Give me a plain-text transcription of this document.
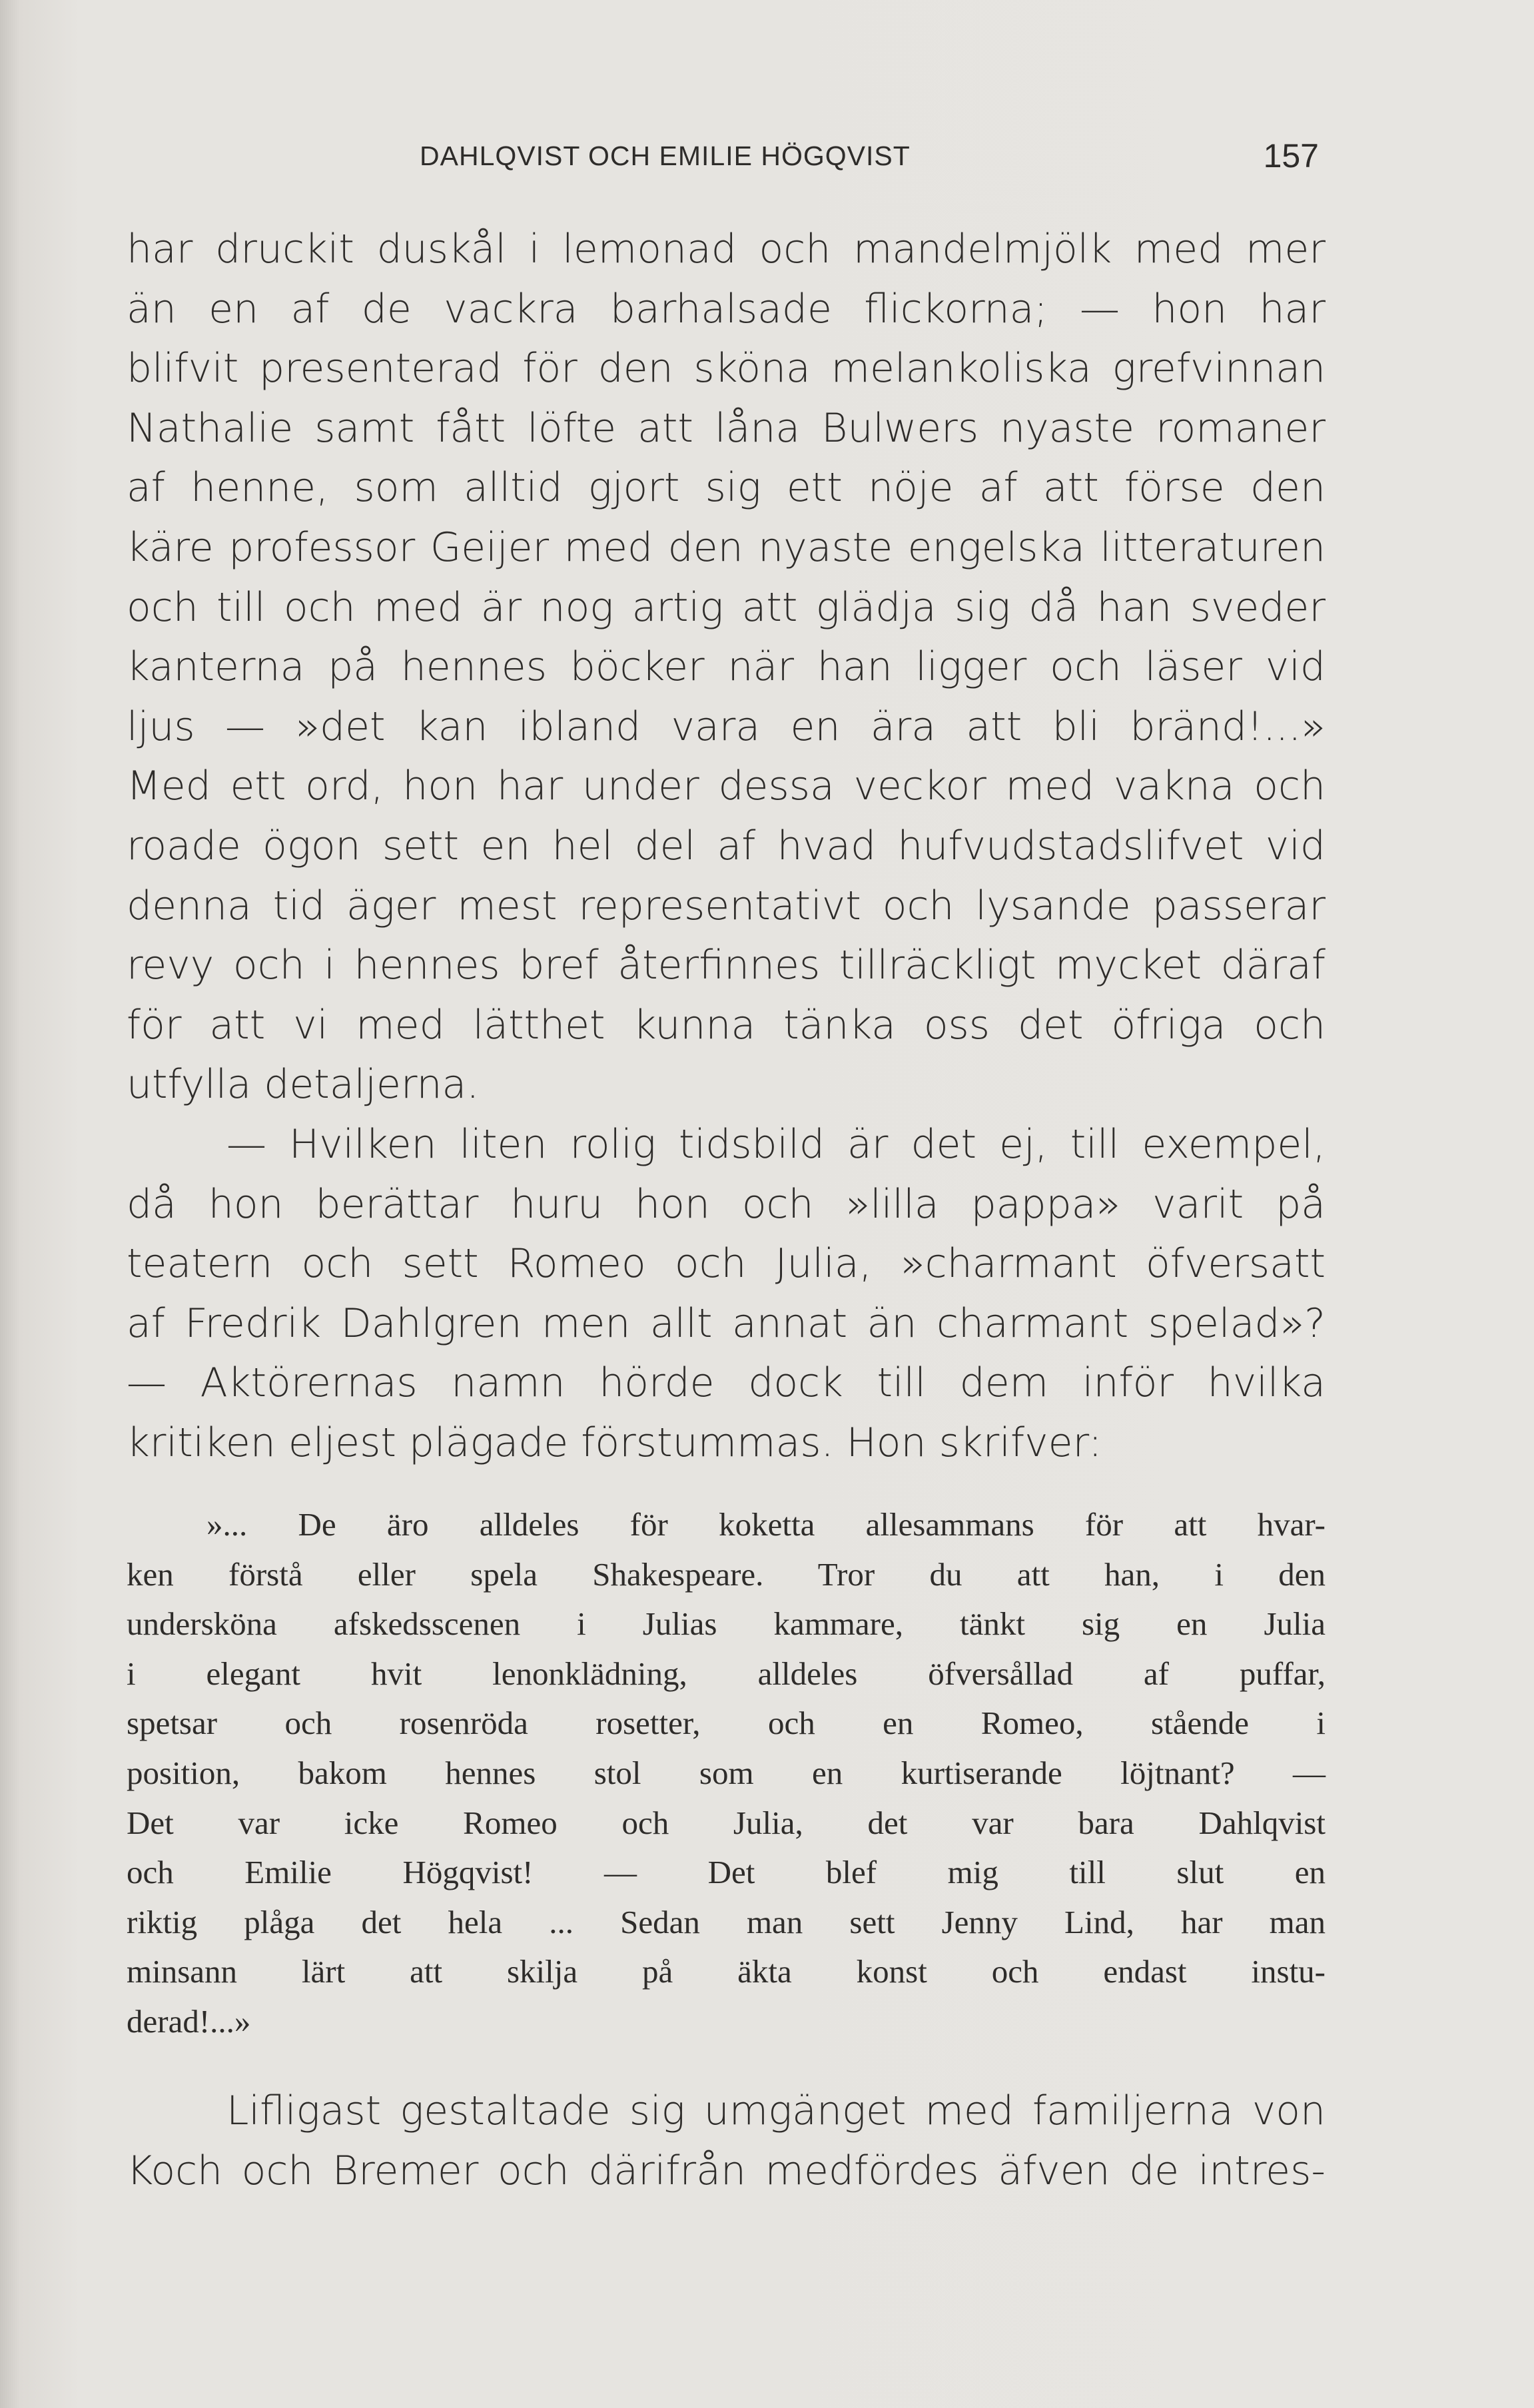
DAHLQVIST OCH EMILIE HÖGQVIST	157
har druckit duskål i lemonad och mandelmjölk med mer
än en af de vackra barhalsade flickorna; — hon har
blifvit presenterad för den sköna melankoliska grefvinnan
Nathalie samt fått löfte att låna Bulwers nyaste romaner
af henne, som alltid gjort sig ett nöje af att förse den
käre professor Geijer med den nyaste engelska litteraturen
och till och med är nog artig att glädja sig då han sveder
kanterna på hennes böcker när han ligger och läser vid
ljus — »det kan ibland vara en ära att bli bränd!...»
Med ett ord, hon har under dessa veckor med vakna och
roade ögon sett en hel del af hvad hufvudstadslifvet vid
denna tid äger mest representativt och lysande passerar
revy och i hennes bref återfinnes tillräckligt mycket däraf
för att vi med lätthet kunna tänka oss det öfriga och
utfylla detaljerna.
— Hvilken liten rolig tidsbild är det ej, till exempel,
då hon berättar huru hon och »lilla pappa» varit på
teatern och sett Romeo och Julia, »charmant öfversatt
af Fredrik Dahlgren men allt annat än charmant spelad»?
— Aktörernas namn hörde dock till dem inför hvilka
kritiken eljest plägade förstummas. Hon skrifver:
»... De äro alldeles för koketta allesammans för att hvar-
ken förstå eller spela Shakespeare. Tror du att han, i den
undersköna afskedsscenen i Julias kammare, tänkt sig en Julia
i elegant hvit lenonklädning, alldeles öfversållad af puffar,
spetsar och rosenröda rosetter, och en Romeo, stående i
position, bakom hennes stol som en kurtiserande löjtnant? —
Det var icke Romeo och Julia, det var bara Dahlqvist
och Emilie Högqvist! — Det blef mig till slut en
riktig plåga det hela ... Sedan man sett Jenny Lind, har man
minsann lärt att skilja på äkta konst och endast instu-
derad!...»
Lifligast gestaltade sig umgänget med familjerna von
Koch och Bremer och därifrån medfördes äfven de intres-
